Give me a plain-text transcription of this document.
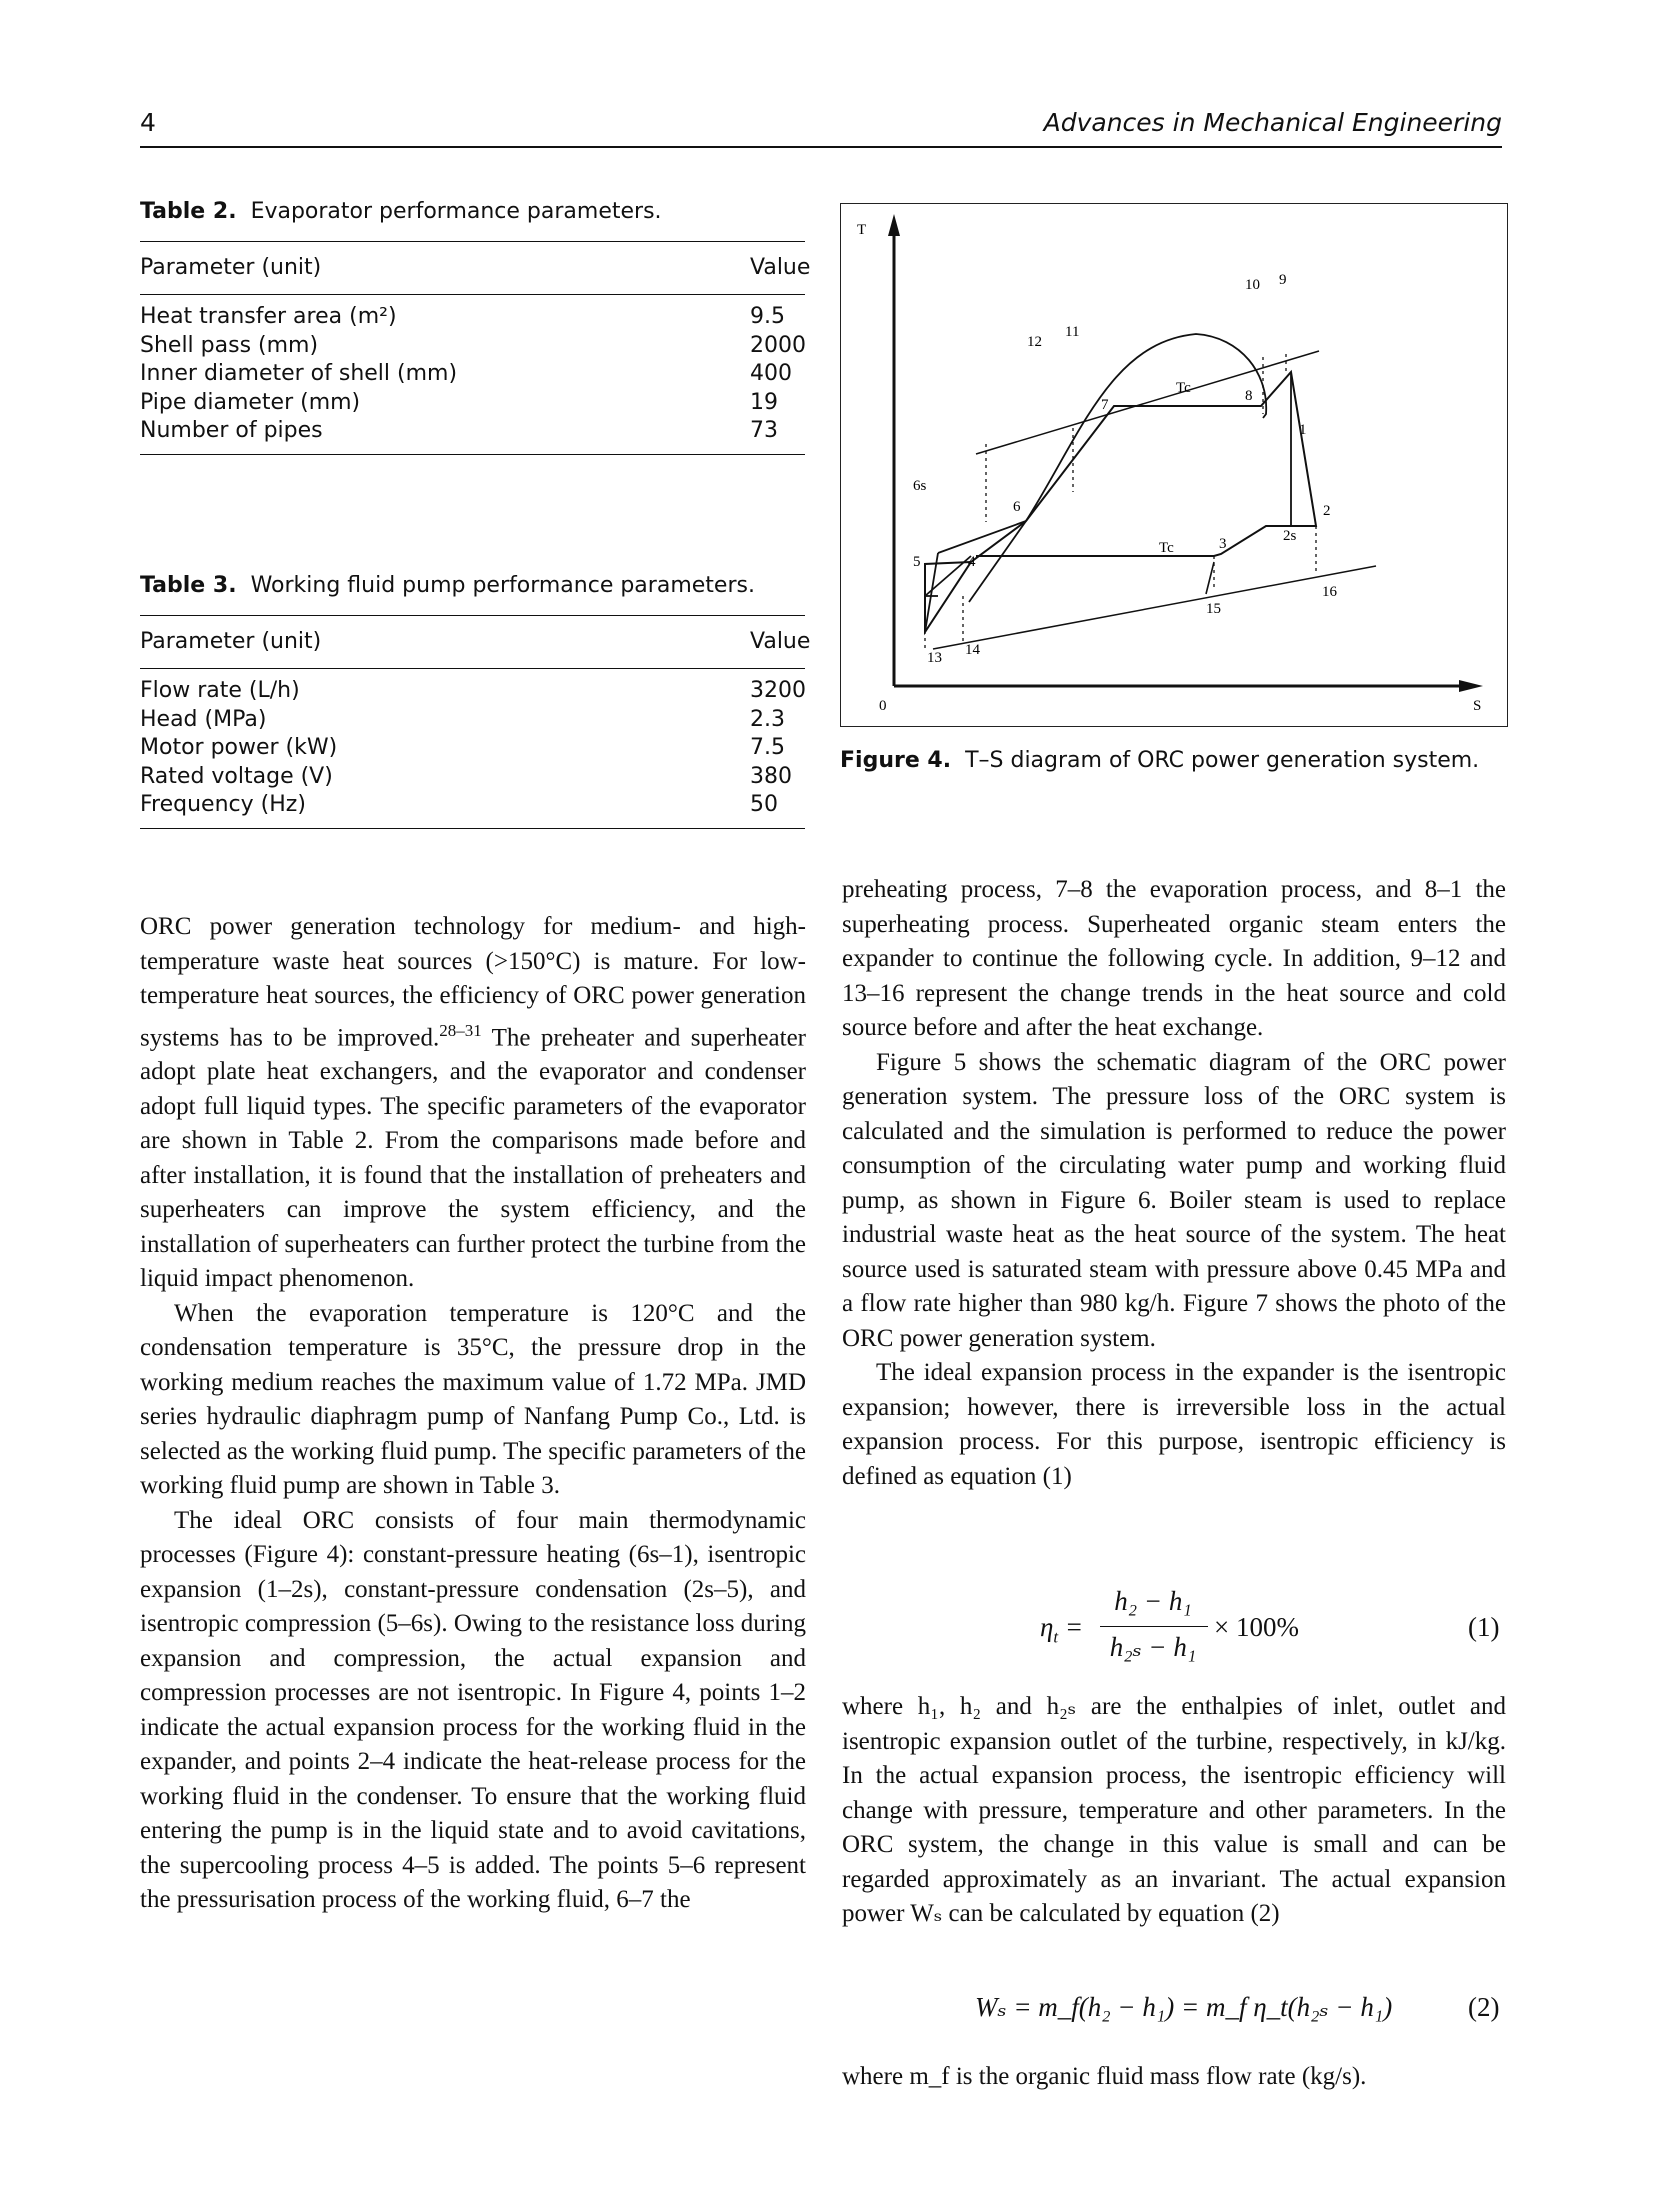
4	Advances in Mechanical Engineering
Table 2. Evaporator performance parameters.
Parameter (unit)	Value
Heat transfer area (m²)	9.5
Shell pass (mm)	2000
Inner diameter of shell (mm)	400
Pipe diameter (mm)	19
Number of pipes	73
Table 3. Working fluid pump performance parameters.
Parameter (unit)	Value
Flow rate (L/h)	3200
Head (MPa)	2.3
Motor power (kW)	7.5
Rated voltage (V)	380
Frequency (Hz)	50
T
S
0
Tc
Tc
1
2
2s
3
4
5
6
6s
7
8
9
10
11
12
13 14
15
16
Figure 4. T–S diagram of ORC power generation system.

ORC power generation technology for medium- and high-temperature waste heat sources (>150°C) is mature. For low-temperature heat sources, the efficiency of ORC power generation systems has to be improved.$^{28-31}$ The preheater and superheater adopt plate heat exchangers, and the evaporator and condenser adopt full liquid types. The specific parameters of the evaporator are shown in Table 2. From the comparisons made before and after installation, it is found that the installation of preheaters and superheaters can improve the system efficiency, and the installation of superheaters can further protect the turbine from the liquid impact phenomenon.

When the evaporation temperature is 120°C and the condensation temperature is 35°C, the pressure drop in the working medium reaches the maximum value of 1.72 MPa. JMD series hydraulic diaphragm pump of Nanfang Pump Co., Ltd. is selected as the working fluid pump. The specific parameters of the working fluid pump are shown in Table 3.

The ideal ORC consists of four main thermodynamic processes (Figure 4): constant-pressure heating (6s–1), isentropic expansion (1–2s), constant-pressure condensation (2s–5), and isentropic compression (5–6s). Owing to the resistance loss during expansion and compression, the actual expansion and compression processes are not isentropic. In Figure 4, points 1–2 indicate the actual expansion process for the working fluid in the expander, and points 2–4 indicate the heat-release process for the working fluid in the condenser. To ensure that the working fluid entering the pump is in the liquid state and to avoid cavitations, the supercooling process 4–5 is added. The points 5–6 represent the pressurisation process of the working fluid, 6–7 the

preheating process, 7–8 the evaporation process, and 8–1 the superheating process. Superheated organic steam enters the expander to continue the following cycle. In addition, 9–12 and 13–16 represent the change trends in the heat source and cold source before and after the heat exchange.

Figure 5 shows the schematic diagram of the ORC power generation system. The pressure loss of the ORC system is calculated and the simulation is performed to reduce the power consumption of the circulating water pump and working fluid pump, as shown in Figure 6. Boiler steam is used to replace industrial waste heat as the heat source of the system. The heat source used is saturated steam with pressure above 0.45 MPa and a flow rate higher than 980 kg/h. Figure 7 shows the photo of the ORC power generation system.

The ideal expansion process in the expander is the isentropic expansion; however, there is irreversible loss in the actual expansion process. For this purpose, isentropic efficiency is defined as equation (1)

$\eta_t$ =
h₂ − h₁
h₂ₛ − h₁
× 100%	(1)

where h₁, h₂ and h₂ₛ are the enthalpies of inlet, outlet and isentropic expansion outlet of the turbine, respectively, in kJ/kg. In the actual expansion process, the isentropic efficiency will change with pressure, temperature and other parameters. In the ORC system, the change in this value is small and can be regarded approximately as an invariant. The actual expansion power Wₛ can be calculated by equation (2)

Wₛ = m_f(h₂ − h₁) = m_f η_t(h₂ₛ − h₁)	(2)

where m_f is the organic fluid mass flow rate (kg/s).
